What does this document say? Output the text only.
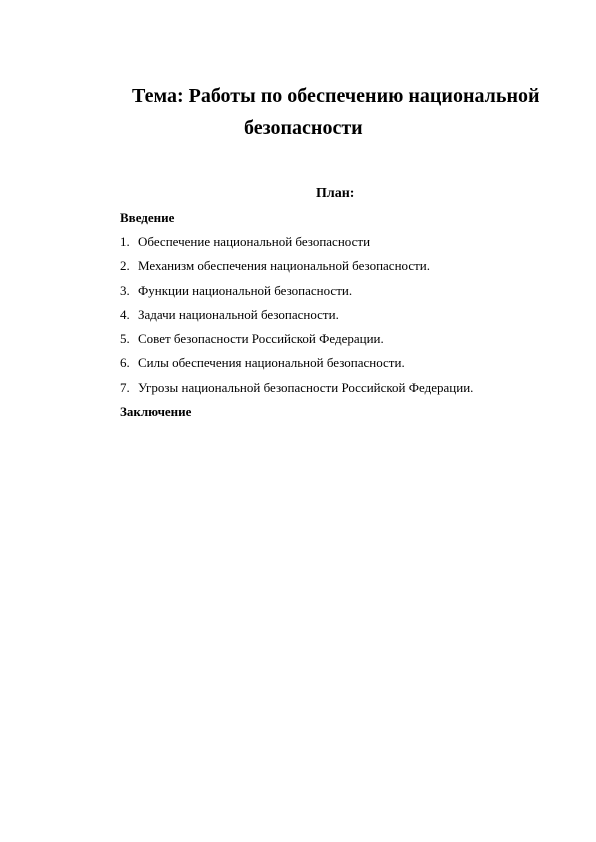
Тема: Работы по обеспечению национальной
безопасности
План:
Введение
1. Обеспечение национальной безопасности
2. Механизм обеспечения национальной безопасности.
3. Функции национальной безопасности.
4. Задачи национальной безопасности.
5. Совет безопасности Российской Федерации.
6. Силы обеспечения национальной безопасности.
7. Угрозы национальной безопасности Российской Федерации.
Заключение
